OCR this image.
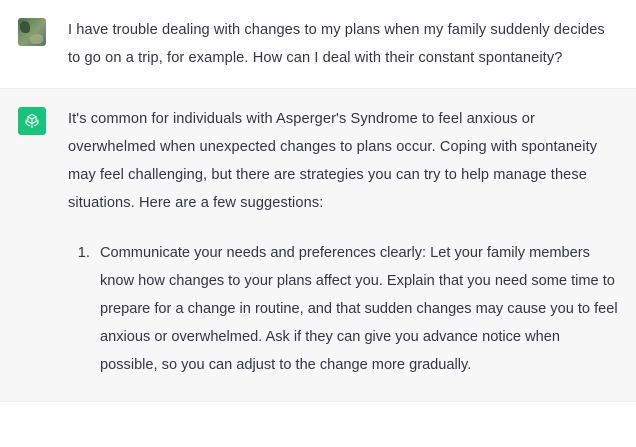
I have trouble dealing with changes to my plans when my family suddenly decides to go on a trip, for example. How can I deal with their constant spontaneity?

It's common for individuals with Asperger's Syndrome to feel anxious or overwhelmed when unexpected changes to plans occur. Coping with spontaneity may feel challenging, but there are strategies you can try to help manage these situations. Here are a few suggestions:

1. Communicate your needs and preferences clearly: Let your family members know how changes to your plans affect you. Explain that you need some time to prepare for a change in routine, and that sudden changes may cause you to feel anxious or overwhelmed. Ask if they can give you advance notice when possible, so you can adjust to the change more gradually.
